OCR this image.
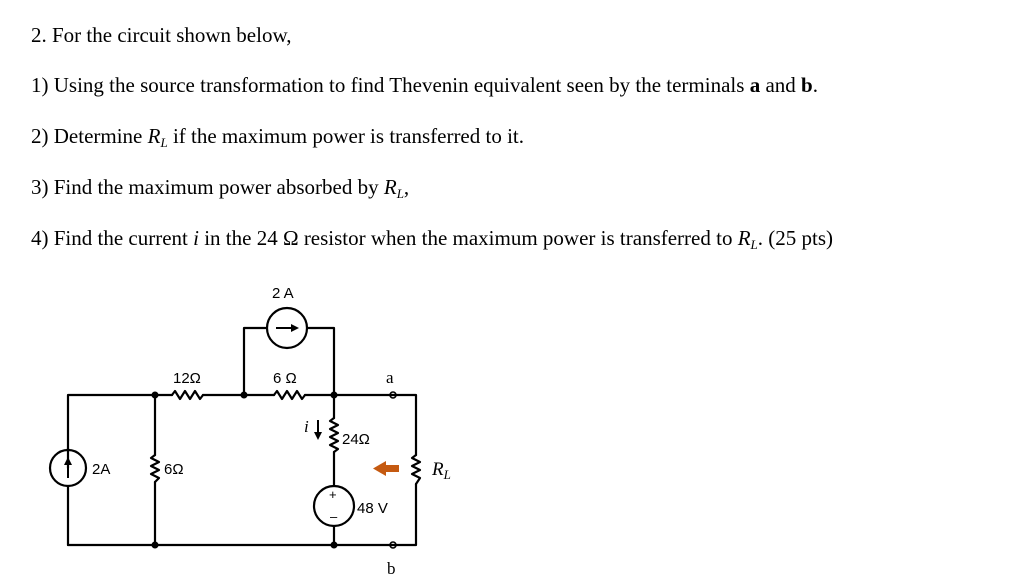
2. For the circuit shown below,
1) Using the source transformation to find Thevenin equivalent seen by the terminals a and b.
2) Determine $R_L$ if the maximum power is transferred to it.
3) Find the maximum power absorbed by $R_L$,
4) Find the current i in the 24 Ω resistor when the maximum power is transferred to $R_L$. (25 pts)
2 A
12Ω	6 Ω	a
2A	6Ω
i
24Ω
+
– 48 V
$R_L$
b
